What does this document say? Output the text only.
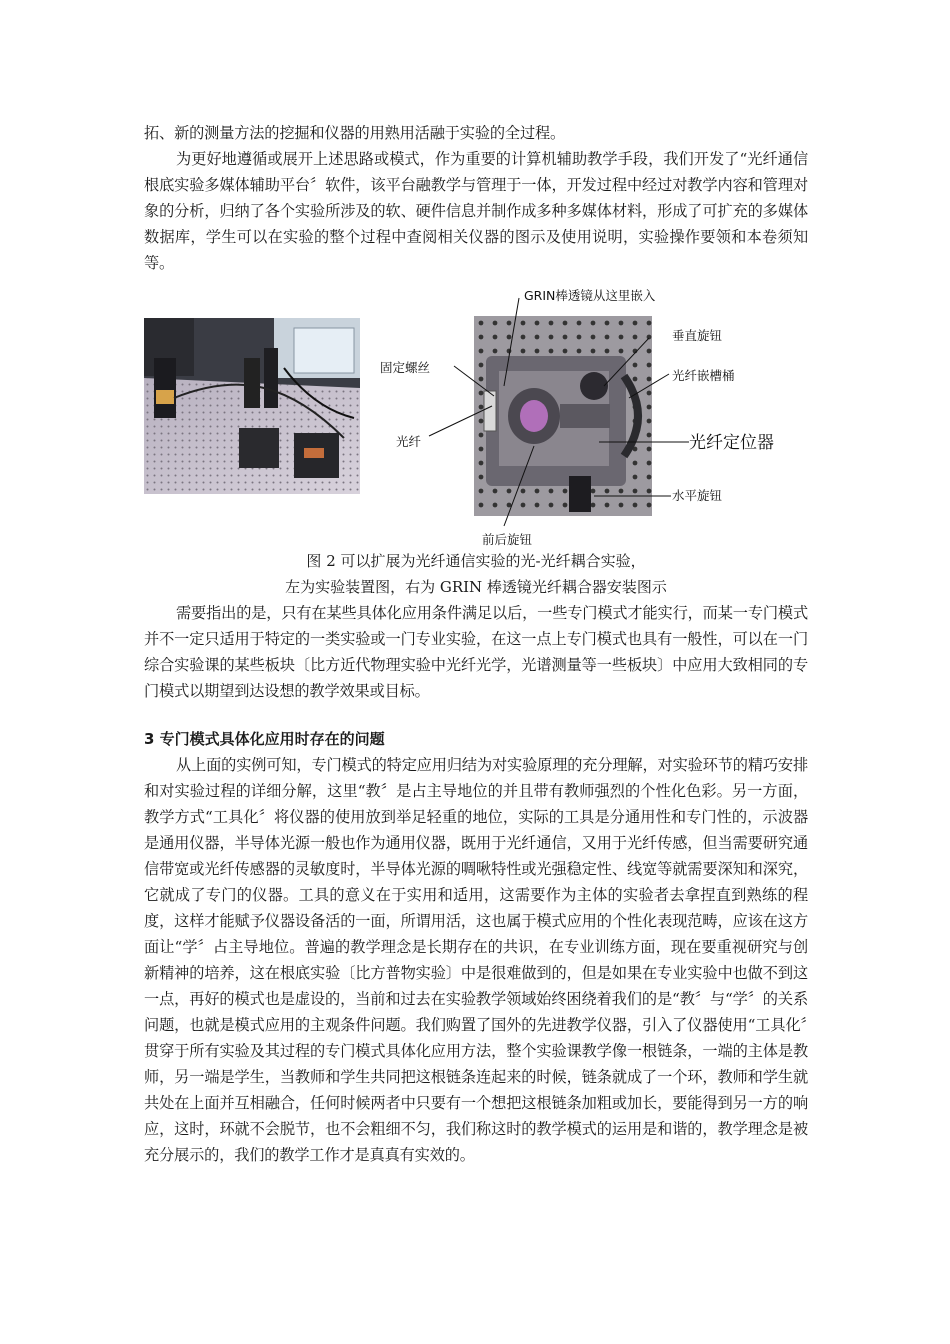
拓、新的测量方法的挖掘和仪器的用熟用活融于实验的全过程。

为更好地遵循或展开上述思路或模式，作为重要的计算机辅助教学手段，我们开发了“光纤通信根底实验多媒体辅助平台〞软件，该平台融教学与管理于一体，开发过程中经过对教学内容和管理对象的分析，归纳了各个实验所涉及的软、硬件信息并制作成多种多媒体材料，形成了可扩充的多媒体数据库，学生可以在实验的整个过程中查阅相关仪器的图示及使用说明，实验操作要领和本卷须知等。

GRIN棒透镜从这里嵌入
固定螺丝
垂直旋钮
光纤嵌槽桶
光纤	光纤定位器
水平旋钮
前后旋钮

图 2 可以扩展为光纤通信实验的光-光纤耦合实验，

左为实验装置图，右为 GRIN 棒透镜光纤耦合器安装图示

需要指出的是，只有在某些具体化应用条件满足以后，一些专门模式才能实行，而某一专门模式并不一定只适用于特定的一类实验或一门专业实验，在这一点上专门模式也具有一般性，可以在一门综合实验课的某些板块〔比方近代物理实验中光纤光学，光谱测量等一些板块〕中应用大致相同的专门模式以期望到达设想的教学效果或目标。

3 专门模式具体化应用时存在的问题

从上面的实例可知，专门模式的特定应用归结为对实验原理的充分理解，对实验环节的精巧安排和对实验过程的详细分解，这里“教〞是占主导地位的并且带有教师强烈的个性化色彩。另一方面，教学方式“工具化〞将仪器的使用放到举足轻重的地位，实际的工具是分通用性和专门性的，示波器是通用仪器，半导体光源一般也作为通用仪器，既用于光纤通信，又用于光纤传感，但当需要研究通信带宽或光纤传感器的灵敏度时，半导体光源的啁啾特性或光强稳定性、线宽等就需要深知和深究，它就成了专门的仪器。工具的意义在于实用和适用，这需要作为主体的实验者去拿捏直到熟练的程度，这样才能赋予仪器设备活的一面，所谓用活，这也属于模式应用的个性化表现范畴，应该在这方面让“学〞占主导地位。普遍的教学理念是长期存在的共识，在专业训练方面，现在要重视研究与创新精神的培养，这在根底实验〔比方普物实验〕中是很难做到的，但是如果在专业实验中也做不到这一点，再好的模式也是虚设的，当前和过去在实验教学领域始终困绕着我们的是“教〞与“学〞的关系问题，也就是模式应用的主观条件问题。我们购置了国外的先进教学仪器，引入了仪器使用“工具化〞贯穿于所有实验及其过程的专门模式具体化应用方法，整个实验课教学像一根链条，一端的主体是教师，另一端是学生，当教师和学生共同把这根链条连起来的时候，链条就成了一个环，教师和学生就共处在上面并互相融合，任何时候两者中只要有一个想把这根链条加粗或加长，要能得到另一方的响应，这时，环就不会脱节，也不会粗细不匀，我们称这时的教学模式的运用是和谐的，教学理念是被充分展示的，我们的教学工作才是真真有实效的。
